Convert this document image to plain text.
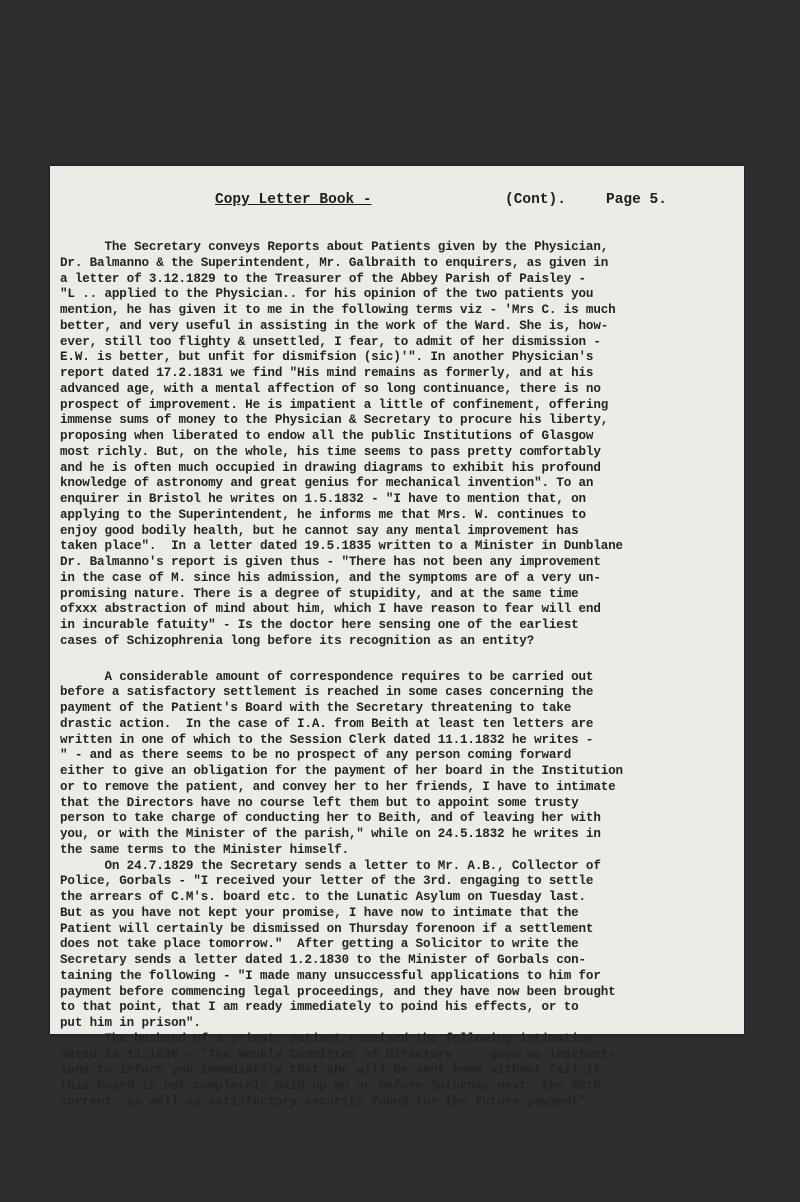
Copy Letter Book -	(Cont).	Page 5.

The Secretary conveys Reports about Patients given by the Physician,

Dr. Balmanno & the Superintendent, Mr. Galbraith to enquirers, as given in

a letter of 3.12.1829 to the Treasurer of the Abbey Parish of Paisley -

"L .. applied to the Physician.. for his opinion of the two patients you

mention, he has given it to me in the following terms viz - 'Mrs C. is much

better, and very useful in assisting in the work of the Ward. She is, how-

ever, still too flighty & unsettled, I fear, to admit of her dismission -

E.W. is better, but unfit for dismifsion (sic)'". In another Physician's

report dated 17.2.1831 we find "His mind remains as formerly, and at his

advanced age, with a mental affection of so long continuance, there is no

prospect of improvement. He is impatient a little of confinement, offering

immense sums of money to the Physician & Secretary to procure his liberty,

proposing when liberated to endow all the public Institutions of Glasgow

most richly. But, on the whole, his time seems to pass pretty comfortably

and he is often much occupied in drawing diagrams to exhibit his profound

knowledge of astronomy and great genius for mechanical invention". To an

enquirer in Bristol he writes on 1.5.1832 - "I have to mention that, on

applying to the Superintendent, he informs me that Mrs. W. continues to

enjoy good bodily health, but he cannot say any mental improvement has

taken place".  In a letter dated 19.5.1835 written to a Minister in Dunblane

Dr. Balmanno's report is given thus - "There has not been any improvement

in the case of M. since his admission, and the symptoms are of a very un-

promising nature. There is a degree of stupidity, and at the same time

ofxxx abstraction of mind about him, which I have reason to fear will end

in incurable fatuity" - Is the doctor here sensing one of the earliest

cases of Schizophrenia long before its recognition as an entity?

A considerable amount of correspondence requires to be carried out

before a satisfactory settlement is reached in some cases concerning the

payment of the Patient's Board with the Secretary threatening to take

drastic action.  In the case of I.A. from Beith at least ten letters are

written in one of which to the Session Clerk dated 11.1.1832 he writes -

" - and as there seems to be no prospect of any person coming forward

either to give an obligation for the payment of her board in the Institution

or to remove the patient, and convey her to her friends, I have to intimate

that the Directors have no course left them but to appoint some trusty

person to take charge of conducting her to Beith, and of leaving her with

you, or with the Minister of the parish," while on 24.5.1832 he writes in

the same terms to the Minister himself.

On 24.7.1829 the Secretary sends a letter to Mr. A.B., Collector of

Police, Gorbals - "I received your letter of the 3rd. engaging to settle

the arrears of C.M's. board etc. to the Lunatic Asylum on Tuesday last.

But as you have not kept your promise, I have now to intimate that the

Patient will certainly be dismissed on Thursday forenoon if a settlement

does not take place tomorrow."  After getting a Solicitor to write the

Secretary sends a letter dated 1.2.1830 to the Minister of Gorbals con-

taining the following - "I made many unsuccessful applications to him for

payment before commencing legal proceedings, and they have now been brought

to that point, that I am ready immediately to poind his effects, or to

put him in prison".

The husband of a private patient received the following intimation

dated 16.11.1830 - "The Weekly Committee of Directors ... gave me instruct-

ions to inform you immediately that she will be sent home without fail if

this board is not completely paid up on or before Saturday next, the 20th

current, as well as satisfactory security found for the future payment"
